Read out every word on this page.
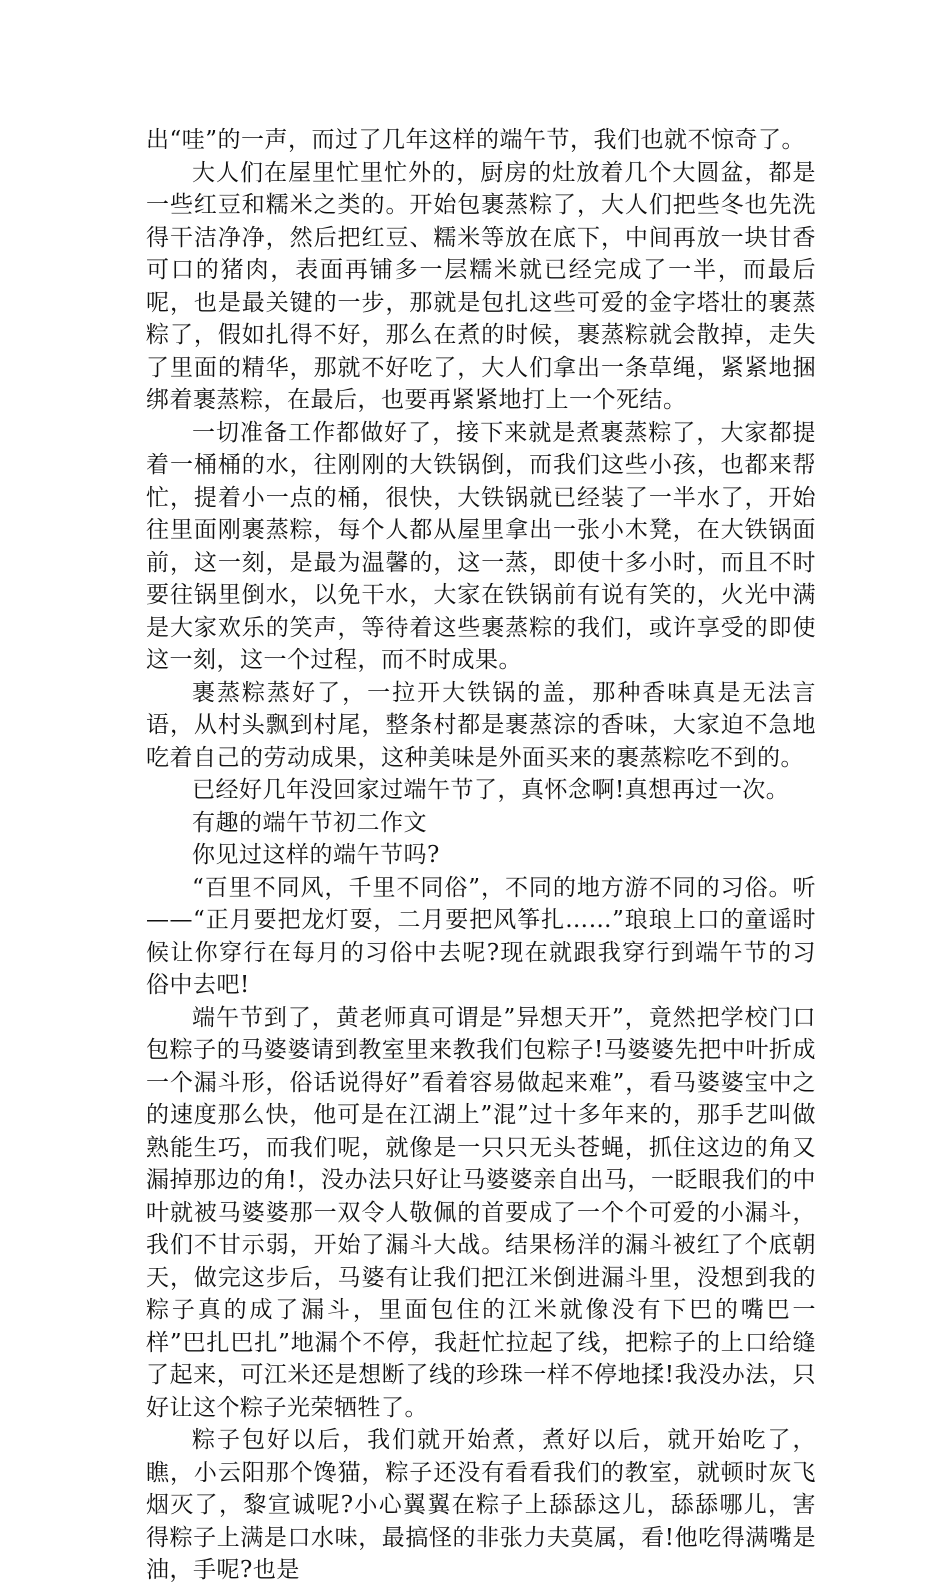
出“哇”的一声，而过了几年这样的端午节，我们也就不惊奇了。

大人们在屋里忙里忙外的，厨房的灶放着几个大圆盆，都是一些红豆和糯米之类的。开始包裹蒸粽了，大人们把些冬也先洗得干洁净净，然后把红豆、糯米等放在底下，中间再放一块甘香可口的猪肉，表面再铺多一层糯米就已经完成了一半，而最后呢，也是最关键的一步，那就是包扎这些可爱的金字塔壮的裹蒸粽了，假如扎得不好，那么在煮的时候，裹蒸粽就会散掉，走失了里面的精华，那就不好吃了，大人们拿出一条草绳，紧紧地捆绑着裹蒸粽，在最后，也要再紧紧地打上一个死结。

一切准备工作都做好了，接下来就是煮裹蒸粽了，大家都提着一桶桶的水，往刚刚的大铁锅倒，而我们这些小孩，也都来帮忙，提着小一点的桶，很快，大铁锅就已经装了一半水了，开始往里面刚裹蒸粽，每个人都从屋里拿出一张小木凳，在大铁锅面前，这一刻，是最为温馨的，这一蒸，即使十多小时，而且不时要往锅里倒水，以免干水，大家在铁锅前有说有笑的，火光中满是大家欢乐的笑声，等待着这些裹蒸粽的我们，或许享受的即使这一刻，这一个过程，而不时成果。

裹蒸粽蒸好了，一拉开大铁锅的盖，那种香味真是无法言语，从村头飘到村尾，整条村都是裹蒸淙的香味，大家迫不急地吃着自己的劳动成果，这种美味是外面买来的裹蒸粽吃不到的。

已经好几年没回家过端午节了，真怀念啊!真想再过一次。

有趣的端午节初二作文

你见过这样的端午节吗?

“百里不同风，千里不同俗”，不同的地方游不同的习俗。听——“正月要把龙灯耍，二月要把风筝扎……”琅琅上口的童谣时候让你穿行在每月的习俗中去呢?现在就跟我穿行到端午节的习俗中去吧!

端午节到了，黄老师真可谓是”异想天开”，竟然把学校门口包粽子的马婆婆请到教室里来教我们包粽子!马婆婆先把中叶折成一个漏斗形，俗话说得好”看着容易做起来难”，看马婆婆宝中之的速度那么快，他可是在江湖上”混”过十多年来的，那手艺叫做熟能生巧，而我们呢，就像是一只只无头苍蝇，抓住这边的角又漏掉那边的角!，没办法只好让马婆婆亲自出马，一眨眼我们的中叶就被马婆婆那一双令人敬佩的首要成了一个个可爱的小漏斗，我们不甘示弱，开始了漏斗大战。结果杨洋的漏斗被红了个底朝天，做完这步后，马婆有让我们把江米倒进漏斗里，没想到我的粽子真的成了漏斗，里面包住的江米就像没有下巴的嘴巴一样”巴扎巴扎”地漏个不停，我赶忙拉起了线，把粽子的上口给缝了起来，可江米还是想断了线的珍珠一样不停地揉!我没办法，只好让这个粽子光荣牺牲了。

粽子包好以后，我们就开始煮，煮好以后，就开始吃了，瞧，小云阳那个馋猫，粽子还没有看看我们的教室，就顿时灰飞烟灭了，黎宣诚呢?小心翼翼在粽子上舔舔这儿，舔舔哪儿，害得粽子上满是口水味，最搞怪的非张力夫莫属，看!他吃得满嘴是油，手呢?也是
